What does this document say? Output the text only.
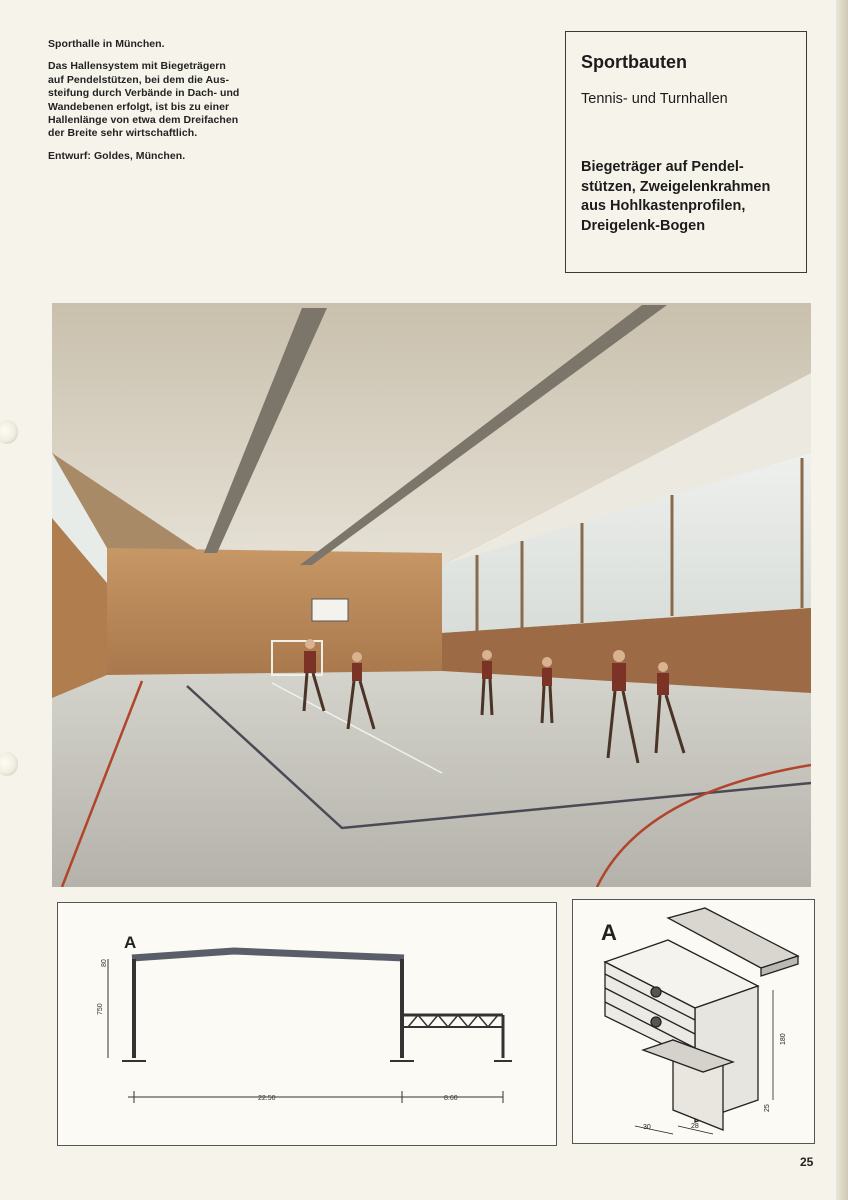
Sporthalle in München.

Das Hallensystem mit Biegeträgern
auf Pendelstützen, bei dem die Aus-
steifung durch Verbände in Dach- und
Wandebenen erfolgt, ist bis zu einer
Hallenlänge von etwa dem Dreifachen
der Breite sehr wirtschaftlich.

Entwurf: Goldes, München.

Sportbauten

Tennis- und Turnhallen

Biegeträger auf Pendel-
stützen, Zweigelenkrahmen
aus Hohlkastenprofilen,
Dreigelenk-Bogen

A
750
80
22.50	8.60
A
180
30	28
25
25
